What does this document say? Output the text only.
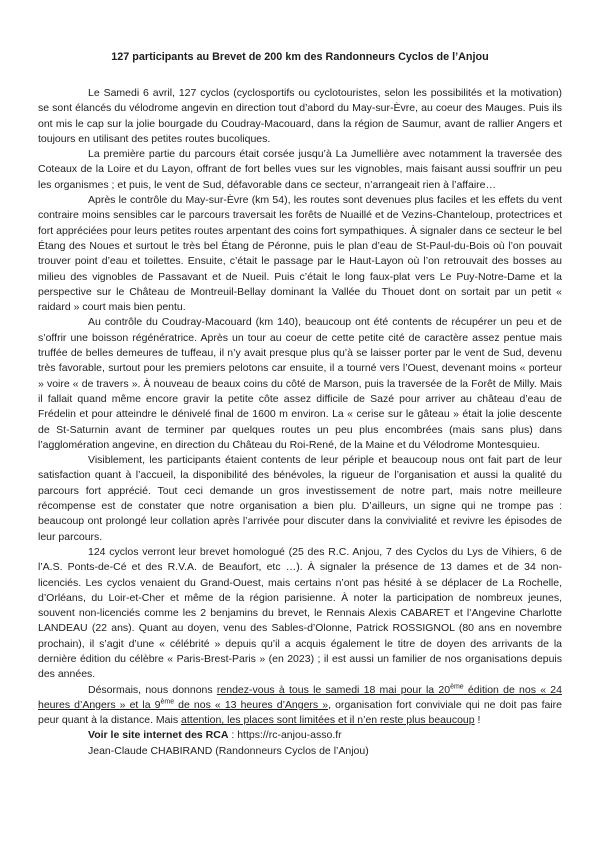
127 participants au Brevet de 200 km des Randonneurs Cyclos de l’Anjou

Le Samedi 6 avril, 127 cyclos (cyclosportifs ou cyclotouristes, selon les possibilités et la motivation) se sont élancés du vélodrome angevin en direction tout d’abord du May-sur-Èvre, au coeur des Mauges. Puis ils ont mis le cap sur la jolie bourgade du Coudray-Macouard, dans la région de Saumur, avant de rallier Angers et toujours en utilisant des petites routes bucoliques.

La première partie du parcours était corsée jusqu’à La Jumellière avec notamment la traversée des Coteaux de la Loire et du Layon, offrant de fort belles vues sur les vignobles, mais faisant aussi souffrir un peu les organismes ; et puis, le vent de Sud, défavorable dans ce secteur, n’arrangeait rien à l’affaire…

Après le contrôle du May-sur-Èvre (km 54), les routes sont devenues plus faciles et les effets du vent contraire moins sensibles car le parcours traversait les forêts de Nuaillé et de Vezins-Chanteloup, protectrices et fort appréciées pour leurs petites routes arpentant des coins fort sympathiques. À signaler dans ce secteur le bel Étang des Noues et surtout le très bel Étang de Péronne, puis le plan d’eau de St-Paul-du-Bois où l’on pouvait trouver point d’eau et toilettes. Ensuite, c’était le passage par le Haut-Layon où l’on retrouvait des bosses au milieu des vignobles de Passavant et de Nueil. Puis c’était le long faux-plat vers Le Puy-Notre-Dame et la perspective sur le Château de Montreuil-Bellay dominant la Vallée du Thouet dont on sortait par un petit « raidard » court mais bien pentu.

Au contrôle du Coudray-Macouard (km 140), beaucoup ont été contents de récupérer un peu et de s’offrir une boisson régénératrice. Après un tour au coeur de cette petite cité de caractère assez pentue mais truffée de belles demeures de tuffeau, il n’y avait presque plus qu’à se laisser porter par le vent de Sud, devenu très favorable, surtout pour les premiers pelotons car ensuite, il a tourné vers l’Ouest, devenant moins « porteur » voire « de travers ». À nouveau de beaux coins du côté de Marson, puis la traversée de la Forêt de Milly. Mais il fallait quand même encore gravir la petite côte assez difficile de Sazé pour arriver au château d’eau de Frédelin et pour atteindre le dénivelé final de 1600 m environ. La « cerise sur le gâteau » était la jolie descente de St-Saturnin avant de terminer par quelques routes un peu plus encombrées (mais sans plus) dans l’agglomération angevine, en direction du Château du Roi-René, de la Maine et du Vélodrome Montesquieu.

Visiblement, les participants étaient contents de leur périple et beaucoup nous ont fait part de leur satisfaction quant à l’accueil, la disponibilité des bénévoles, la rigueur de l’organisation et aussi la qualité du parcours fort apprécié. Tout ceci demande un gros investissement de notre part, mais notre meilleure récompense est de constater que notre organisation a bien plu. D’ailleurs, un signe qui ne trompe pas : beaucoup ont prolongé leur collation après l’arrivée pour discuter dans la convivialité et revivre les épisodes de leur parcours.

124 cyclos verront leur brevet homologué (25 des R.C. Anjou, 7 des Cyclos du Lys de Vihiers, 6 de l’A.S. Ponts-de-Cé et des R.V.A. de Beaufort, etc …). À signaler la présence de 13 dames et de 34 non-licenciés. Les cyclos venaient du Grand-Ouest, mais certains n’ont pas hésité à se déplacer de La Rochelle, d’Orléans, du Loir-et-Cher et même de la région parisienne. À noter la participation de nombreux jeunes, souvent non-licenciés comme les 2 benjamins du brevet, le Rennais Alexis CABARET et l’Angevine Charlotte LANDEAU (22 ans). Quant au doyen, venu des Sables-d’Olonne, Patrick ROSSIGNOL (80 ans en novembre prochain), il s’agit d’une « célébrité » depuis qu’il a acquis également le titre de doyen des arrivants de la dernière édition du célèbre « Paris-Brest-Paris » (en 2023) ; il est aussi un familier de nos organisations depuis des années.

Désormais, nous donnons rendez-vous à tous le samedi 18 mai pour la 20ème édition de nos « 24 heures d’Angers » et la 9ème de nos « 13 heures d’Angers », organisation fort conviviale qui ne doit pas faire peur quant à la distance. Mais attention, les places sont limitées et il n’en reste plus beaucoup !

Voir le site internet des RCA : https://rc-anjou-asso.fr

Jean-Claude CHABIRAND (Randonneurs Cyclos de l’Anjou)
